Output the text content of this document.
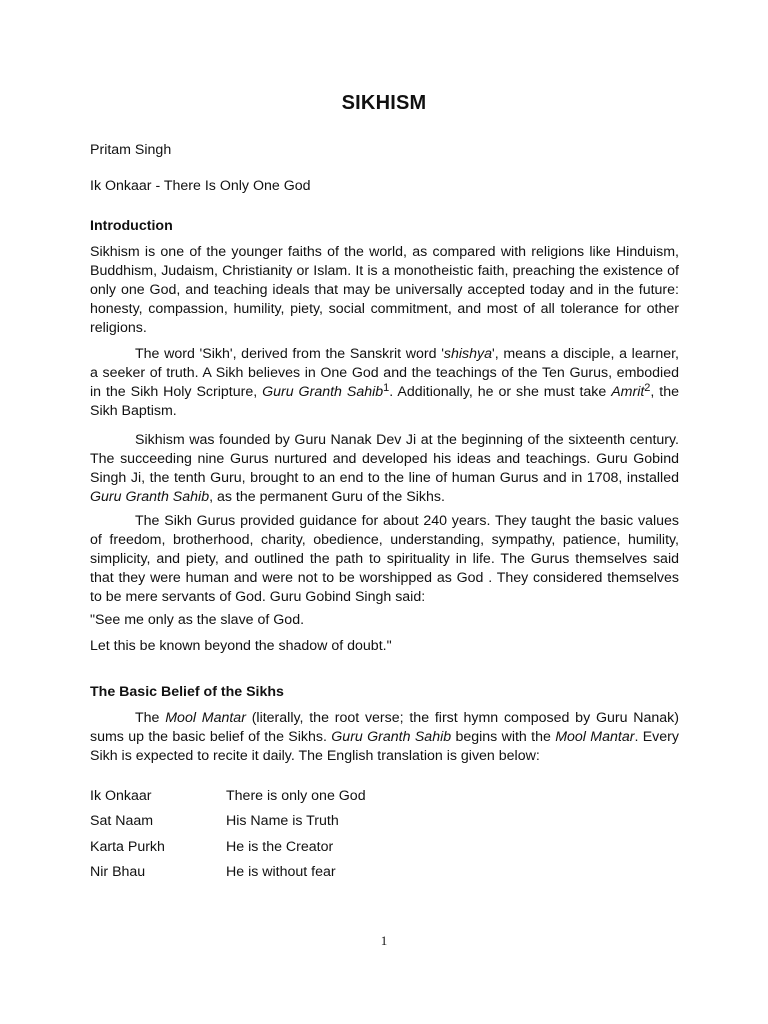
SIKHISM

Pritam Singh

Ik Onkaar - There Is Only One God

Introduction

Sikhism is one of the younger faiths of the world, as compared with religions like Hinduism, Buddhism, Judaism, Christianity or Islam. It is a monotheistic faith, preaching the existence of only one God, and teaching ideals that may be universally accepted today and in the future: honesty, compassion, humility, piety, social commitment, and most of all tolerance for other religions.

The word 'Sikh', derived from the Sanskrit word 'shishya', means a disciple, a learner, a seeker of truth. A Sikh believes in One God and the teachings of the Ten Gurus, embodied in the Sikh Holy Scripture, Guru Granth Sahib$^1$. Additionally, he or she must take Amrit$^2$, the Sikh Baptism.

Sikhism was founded by Guru Nanak Dev Ji at the beginning of the sixteenth century. The succeeding nine Gurus nurtured and developed his ideas and teachings. Guru Gobind Singh Ji, the tenth Guru, brought to an end to the line of human Gurus and in 1708, installed Guru Granth Sahib, as the permanent Guru of the Sikhs.

The Sikh Gurus provided guidance for about 240 years. They taught the basic values of freedom, brotherhood, charity, obedience, understanding, sympathy, patience, humility, simplicity, and piety, and outlined the path to spirituality in life. The Gurus themselves said that they were human and were not to be worshipped as God . They considered themselves to be mere servants of God. Guru Gobind Singh said:

"See me only as the slave of God.

Let this be known beyond the shadow of doubt."

The Basic Belief of the Sikhs

The Mool Mantar (literally, the root verse; the first hymn composed by Guru Nanak) sums up the basic belief of the Sikhs. Guru Granth Sahib begins with the Mool Mantar. Every Sikh is expected to recite it daily. The English translation is given below:

Ik Onkaar	There is only one God
Sat Naam	His Name is Truth
Karta Purkh	He is the Creator
Nir Bhau	He is without fear
1
